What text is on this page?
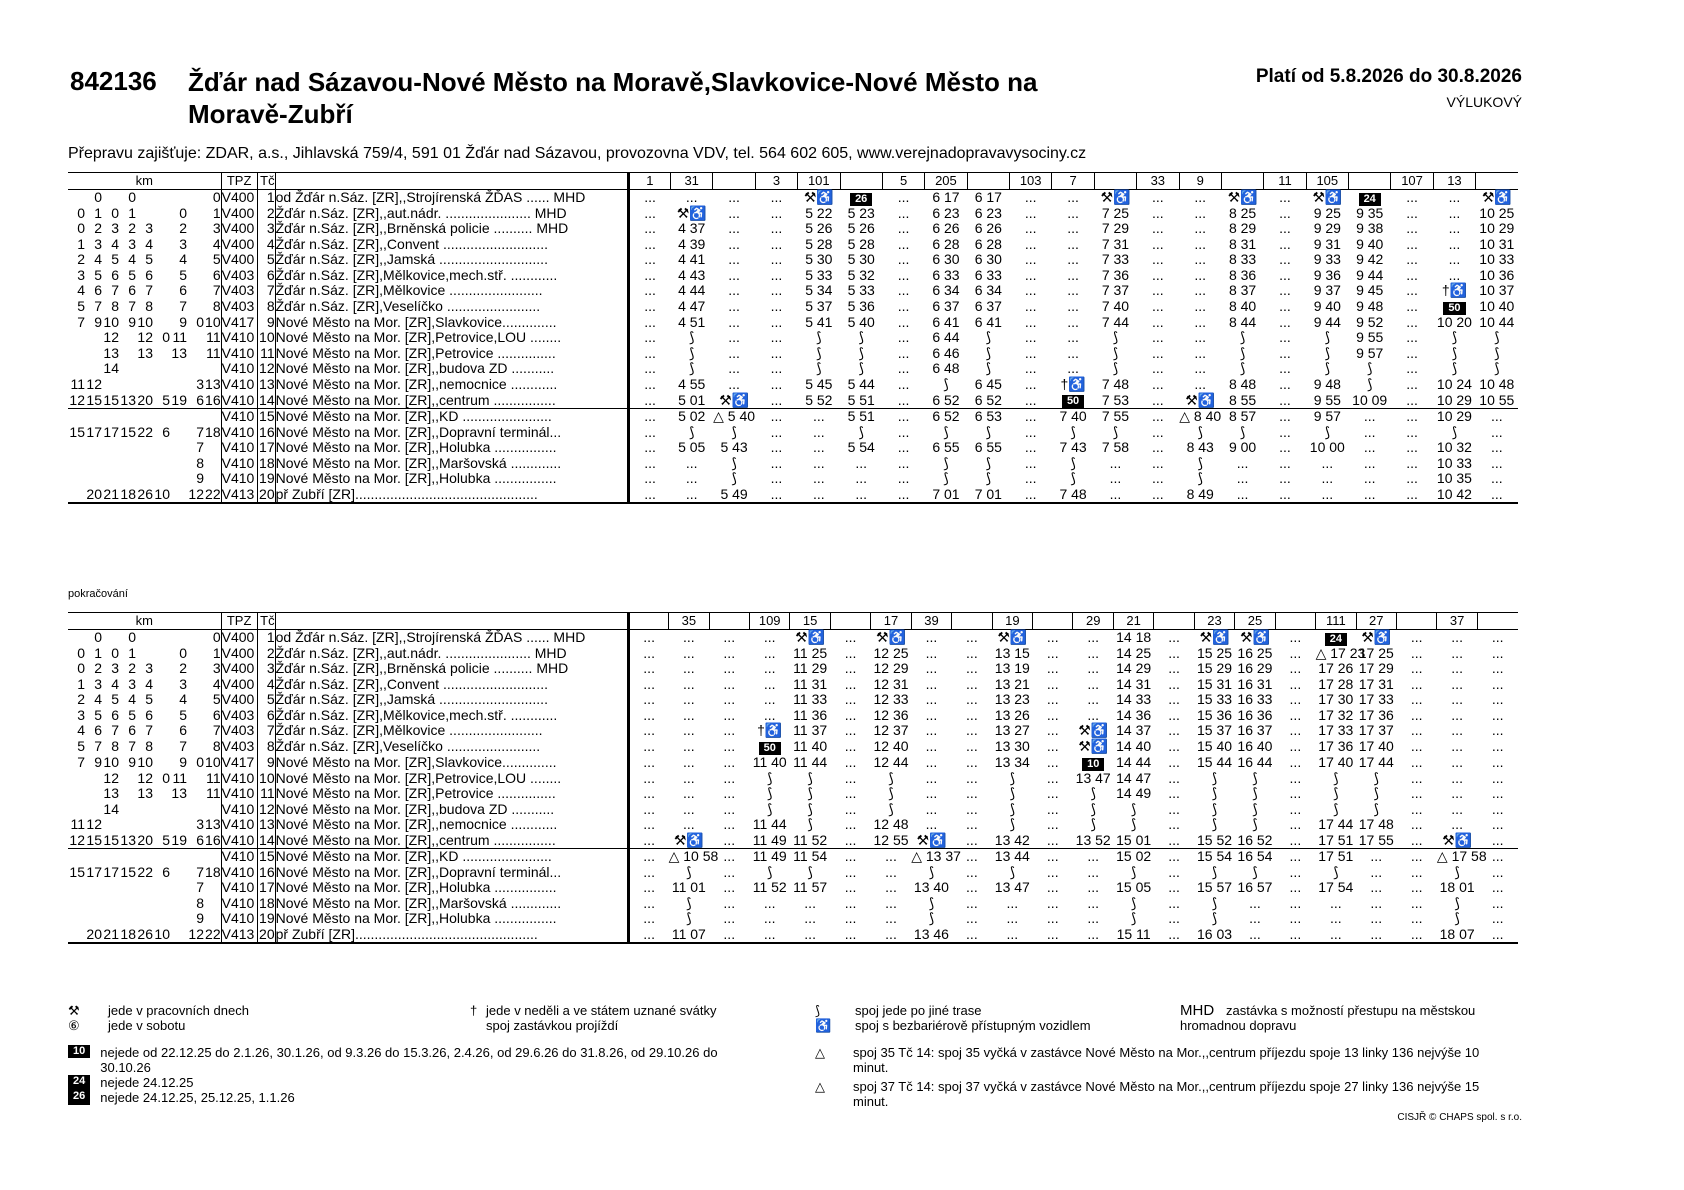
842136 Žďár nad Sázavou-Nové Město na Moravě,Slavkovice-Nové Město na Moravě-Zubří
Platí od 5.8.2026 do 30.8.2026
VÝLUKOVÝ
Přepravu zajišťuje: ZDAR, a.s., Jihlavská 759/4, 591 01 Žďár nad Sázavou, provozovna VDV, tel. 564 602 605, www.verejnadopravavysociny.cz
km									TPZ	Tč		1	31		3	101		5	205		103	7		33	9		11	105		107	13	
	0		0					0	V400	1	od Žďár n.Sáz. [ZR],,Strojírenská ŽĎAS ...... MHD	...	...	...	...	⚒♿	26	...	6 17	6 17	...	...	⚒♿	...	...	⚒♿	...	⚒♿	24	...	...	⚒♿
0	1	0	1			0		1	V400	2	Žďár n.Sáz. [ZR],,aut.nádr. ...................... MHD	...	⚒♿	...	...	5 22	5 23	...	6 23	6 23	...	...	7 25	...	...	8 25	...	9 25	9 35	...	...	10 25
0	2	3	2	3		2		3	V400	3	Žďár n.Sáz. [ZR],,Brněnská policie .......... MHD	...	4 37	...	...	5 26	5 26	...	6 26	6 26	...	...	7 29	...	...	8 29	...	9 29	9 38	...	...	10 29
1	3	4	3	4		3		4	V400	4	Žďár n.Sáz. [ZR],,Convent ...........................	...	4 39	...	...	5 28	5 28	...	6 28	6 28	...	...	7 31	...	...	8 31	...	9 31	9 40	...	...	10 31
2	4	5	4	5		4		5	V400	5	Žďár n.Sáz. [ZR],,Jamská ............................	...	4 41	...	...	5 30	5 30	...	6 30	6 30	...	...	7 33	...	...	8 33	...	9 33	9 42	...	...	10 33
3	5	6	5	6		5		6	V403	6	Žďár n.Sáz. [ZR],Mělkovice,mech.stř. ............	...	4 43	...	...	5 33	5 32	...	6 33	6 33	...	...	7 36	...	...	8 36	...	9 36	9 44	...	...	10 36
4	6	7	6	7		6		7	V403	7	Žďár n.Sáz. [ZR],Mělkovice ........................	...	4 44	...	...	5 34	5 33	...	6 34	6 34	...	...	7 37	...	...	8 37	...	9 37	9 45	...	†♿	10 37
5	7	8	7	8		7		8	V403	8	Žďár n.Sáz. [ZR],Veselíčko ........................	...	4 47	...	...	5 37	5 36	...	6 37	6 37	...	...	7 40	...	...	8 40	...	9 40	9 48	...	50	10 40
7	9	10	9	10		9	0	10	V417	9	Nové Město na Mor. [ZR],Slavkovice..............	...	4 51	...	...	5 41	5 40	...	6 41	6 41	...	...	7 44	...	...	8 44	...	9 44	9 52	...	10 20	10 44
		12		12	0	11		11	V410	10	Nové Město na Mor. [ZR],Petrovice,LOU ........	...	⟆	...	...	⟆	⟆	...	6 44	⟆	...	...	⟆	...	...	⟆	...	⟆	9 55	...	⟆	⟆
		13		13		13		11	V410	11	Nové Město na Mor. [ZR],Petrovice ...............	...	⟆	...	...	⟆	⟆	...	6 46	⟆	...	...	⟆	...	...	⟆	...	⟆	9 57	...	⟆	⟆
		14							V410	12	Nové Město na Mor. [ZR],,budova ZD ...........	...	⟆	...	...	⟆	⟆	...	6 48	⟆	...	...	⟆	...	...	⟆	...	⟆	⟆	...	⟆	⟆
11	12						3	13	V410	13	Nové Město na Mor. [ZR],,nemocnice ............	...	4 55	...	...	5 45	5 44	...	⟆	6 45	...	†♿	7 48	...	...	8 48	...	9 48	⟆	...	10 24	10 48
12	15	15	13	20	5	19	6	16	V410	14	Nové Město na Mor. [ZR],,centrum ................	...	5 01	⚒♿	...	5 52	5 51	...	6 52	6 52	...	50	7 53	...	⚒♿	8 55	...	9 55	10 09	...	10 29	10 55
									V410	15	Nové Město na Mor. [ZR],,KD .......................	...	5 02	△ 5 40	...	...	5 51	...	6 52	6 53	...	7 40	7 55	...	△ 8 40	8 57	...	9 57	...	...	10 29	...
15	17	17	15	22	6		7	18	V410	16	Nové Město na Mor. [ZR],,Dopravní terminál...	...	⟆	⟆	...	...	⟆	...	⟆	⟆	...	⟆	⟆	...	⟆	⟆	...	⟆	...	...	⟆	...
							7		V410	17	Nové Město na Mor. [ZR],,Holubka ................	...	5 05	5 43	...	...	5 54	...	6 55	6 55	...	7 43	7 58	...	8 43	9 00	...	10 00	...	...	10 32	...
							8		V410	18	Nové Město na Mor. [ZR],,Maršovská .............	...	...	⟆	...	...	...	...	⟆	⟆	...	⟆	...	...	⟆	...	...	...	...	...	10 33	...
							9		V410	19	Nové Město na Mor. [ZR],,Holubka ................	...	...	⟆	...	...	...	...	⟆	⟆	...	⟆	...	...	⟆	...	...	...	...	...	10 35	...
	20	21	18	26	10		12	22	V413	20	př Zubří [ZR]...............................................	...	...	5 49	...	...	...	...	7 01	7 01	...	7 48	...	...	8 49	...	...	...	...	...	10 42	...
pokračování
km									TPZ	Tč			35		109	15		17	39		19		29	21		23	25		111	27		37	
	0		0					0	V400	1	od Žďár n.Sáz. [ZR],,Strojírenská ŽĎAS ...... MHD	...	...	...	...	⚒♿	...	⚒♿	...	...	⚒♿	...	...	14 18	...	⚒♿	⚒♿	...	24	⚒♿	...	...	...
0	1	0	1			0		1	V400	2	Žďár n.Sáz. [ZR],,aut.nádr. ...................... MHD	...	...	...	...	11 25	...	12 25	...	...	13 15	...	...	14 25	...	15 25	16 25	...	△ 17 23	17 25	...	...	...
0	2	3	2	3		2		3	V400	3	Žďár n.Sáz. [ZR],,Brněnská policie .......... MHD	...	...	...	...	11 29	...	12 29	...	...	13 19	...	...	14 29	...	15 29	16 29	...	17 26	17 29	...	...	...
1	3	4	3	4		3		4	V400	4	Žďár n.Sáz. [ZR],,Convent ...........................	...	...	...	...	11 31	...	12 31	...	...	13 21	...	...	14 31	...	15 31	16 31	...	17 28	17 31	...	...	...
2	4	5	4	5		4		5	V400	5	Žďár n.Sáz. [ZR],,Jamská ............................	...	...	...	...	11 33	...	12 33	...	...	13 23	...	...	14 33	...	15 33	16 33	...	17 30	17 33	...	...	...
3	5	6	5	6		5		6	V403	6	Žďár n.Sáz. [ZR],Mělkovice,mech.stř. ............	...	...	...	...	11 36	...	12 36	...	...	13 26	...	...	14 36	...	15 36	16 36	...	17 32	17 36	...	...	...
4	6	7	6	7		6		7	V403	7	Žďár n.Sáz. [ZR],Mělkovice ........................	...	...	...	†♿	11 37	...	12 37	...	...	13 27	...	⚒♿	14 37	...	15 37	16 37	...	17 33	17 37	...	...	...
5	7	8	7	8		7		8	V403	8	Žďár n.Sáz. [ZR],Veselíčko ........................	...	...	...	50	11 40	...	12 40	...	...	13 30	...	⚒♿	14 40	...	15 40	16 40	...	17 36	17 40	...	...	...
7	9	10	9	10		9	0	10	V417	9	Nové Město na Mor. [ZR],Slavkovice..............	...	...	...	11 40	11 44	...	12 44	...	...	13 34	...	10	14 44	...	15 44	16 44	...	17 40	17 44	...	...	...
		12		12	0	11		11	V410	10	Nové Město na Mor. [ZR],Petrovice,LOU ........	...	...	...	⟆	⟆	...	⟆	...	...	⟆	...	13 47	14 47	...	⟆	⟆	...	⟆	⟆	...	...	...
		13		13		13		11	V410	11	Nové Město na Mor. [ZR],Petrovice ...............	...	...	...	⟆	⟆	...	⟆	...	...	⟆	...	⟆	14 49	...	⟆	⟆	...	⟆	⟆	...	...	...
		14							V410	12	Nové Město na Mor. [ZR],,budova ZD ...........	...	...	...	⟆	⟆	...	⟆	...	...	⟆	...	⟆	⟆	...	⟆	⟆	...	⟆	⟆	...	...	...
11	12						3	13	V410	13	Nové Město na Mor. [ZR],,nemocnice ............	...	...	...	11 44	⟆	...	12 48	...	...	⟆	...	⟆	⟆	...	⟆	⟆	...	17 44	17 48	...	...	...
12	15	15	13	20	5	19	6	16	V410	14	Nové Město na Mor. [ZR],,centrum ................	...	⚒♿	...	11 49	11 52	...	12 55	⚒♿	...	13 42	...	13 52	15 01	...	15 52	16 52	...	17 51	17 55	...	⚒♿	...
									V410	15	Nové Město na Mor. [ZR],,KD .......................	...	△ 10 58	...	11 49	11 54	...	...	△ 13 37	...	13 44	...	...	15 02	...	15 54	16 54	...	17 51	...	...	△ 17 58	...
15	17	17	15	22	6		7	18	V410	16	Nové Město na Mor. [ZR],,Dopravní terminál...	...	⟆	...	⟆	⟆	...	...	⟆	...	⟆	...	...	⟆	...	⟆	⟆	...	⟆	...	...	⟆	...
							7		V410	17	Nové Město na Mor. [ZR],,Holubka ................	...	11 01	...	11 52	11 57	...	...	13 40	...	13 47	...	...	15 05	...	15 57	16 57	...	17 54	...	...	18 01	...
							8		V410	18	Nové Město na Mor. [ZR],,Maršovská .............	...	⟆	...	...	...	...	...	⟆	...	...	...	...	⟆	...	⟆	...	...	...	...	...	⟆	...
							9		V410	19	Nové Město na Mor. [ZR],,Holubka ................	...	⟆	...	...	...	...	...	⟆	...	...	...	...	⟆	...	⟆	...	...	...	...	...	⟆	...
	20	21	18	26	10		12	22	V413	20	př Zubří [ZR]...............................................	...	11 07	...	...	...	...	...	13 46	...	...	...	...	15 11	...	16 03	...	...	...	...	...	18 07	...
⚒ jede v pracovních dnech
⑥ jede v sobotu
† jede v neděli a ve státem uznané svátky
spoj zastávkou projíždí
⟆	spoj jede po jiné trase
♿ spoj s bezbariérově přístupným vozidlem
MHD zastávka s možností přestupu na městskou hromadnou dopravu
10	nejede od 22.12.25 do 2.1.26, 30.1.26, od 9.3.26 do 15.3.26, 2.4.26, od 29.6.26 do 31.8.26, od 29.10.26 do 30.10.26
24	nejede 24.12.25
26	nejede 24.12.25, 25.12.25, 1.1.26
△ spoj 35 Tč 14: spoj 35 vyčká v zastávce Nové Město na Mor.,,centrum příjezdu spoje 13 linky 136 nejvýše 10 minut.
△ spoj 37 Tč 14: spoj 37 vyčká v zastávce Nové Město na Mor.,,centrum příjezdu spoje 27 linky 136 nejvýše 15 minut.
CISJŘ © CHAPS spol. s r.o.
